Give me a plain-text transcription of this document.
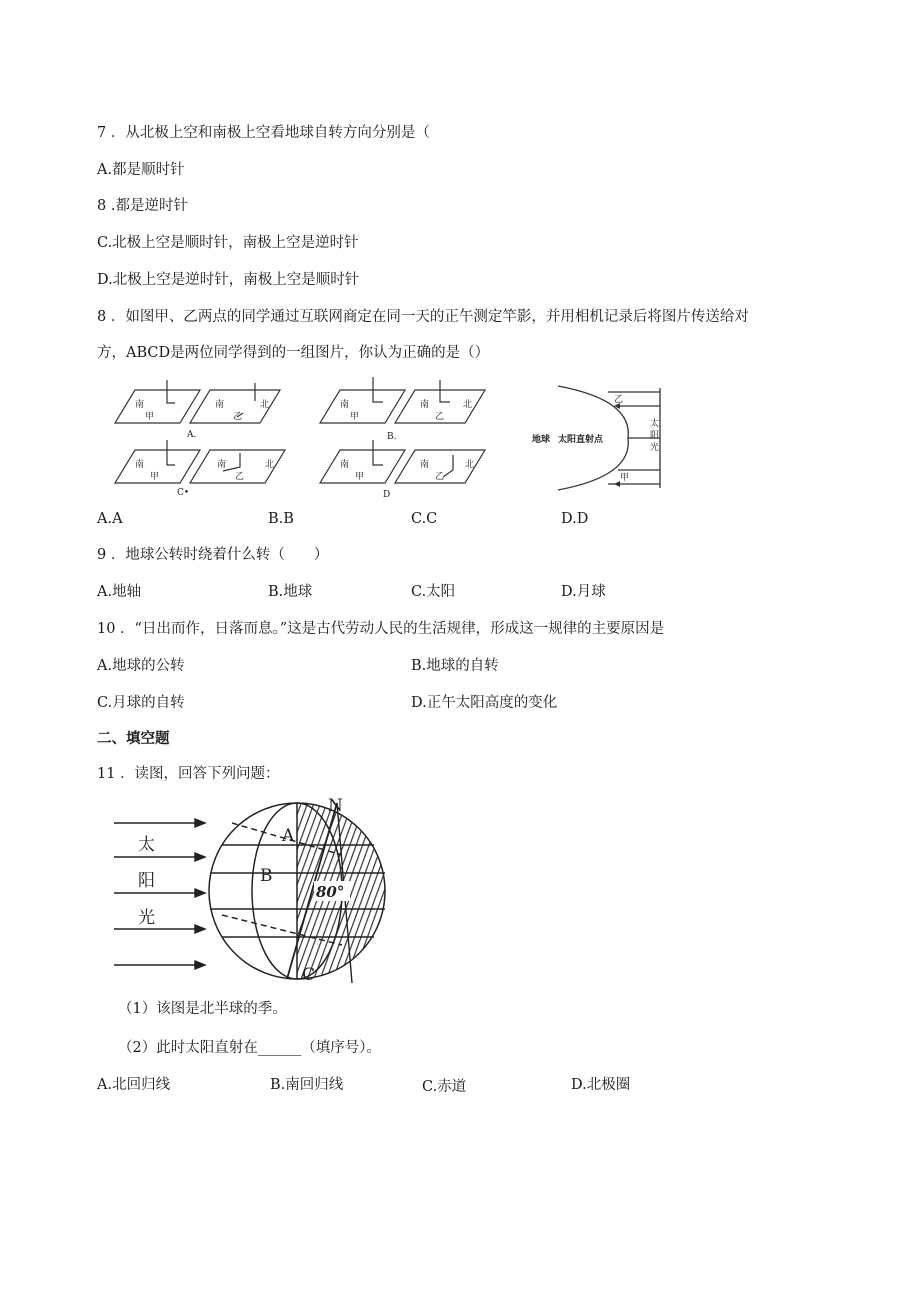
7 ．从北极上空和南极上空看地球自转方向分别是（
A.都是顺时针
8 .都是逆时针
C.北极上空是顺时针，南极上空是逆时针
D.北极上空是逆时针，南极上空是顺时针
8 ．如图甲、乙两点的同学通过互联网商定在同一天的正午测定竿影，并用相机记录后将图片传送给对
方，ABCD是两位同学得到的一组图片，你认为正确的是（）
南
甲
南	北
乙
A.
南
甲
南	北
乙
B.
南
甲
南	北
乙
C•
南
甲
南	北
乙
D
地球 太阳直射点
乙
甲
太
阳
光
A.A	B.B	C.C	D.D
9 ．地球公转时绕着什么转（　　）
A.地轴	B.地球	C.太阳	D.月球
10 ．“日出而作，日落而息。”这是古代劳动人民的生活规律，形成这一规律的主要原因是
A.地球的公转	B.地球的自转
C.月球的自转	D.正午太阳高度的变化
二、填空题
11 ．读图，回答下列问题：
太
阳
光
N
A
B
C
80°
（1）该图是北半球的季。
（2）此时太阳直射在______（填序号）。
A.北回归线	B.南回归线	C.赤道	D.北极圈
